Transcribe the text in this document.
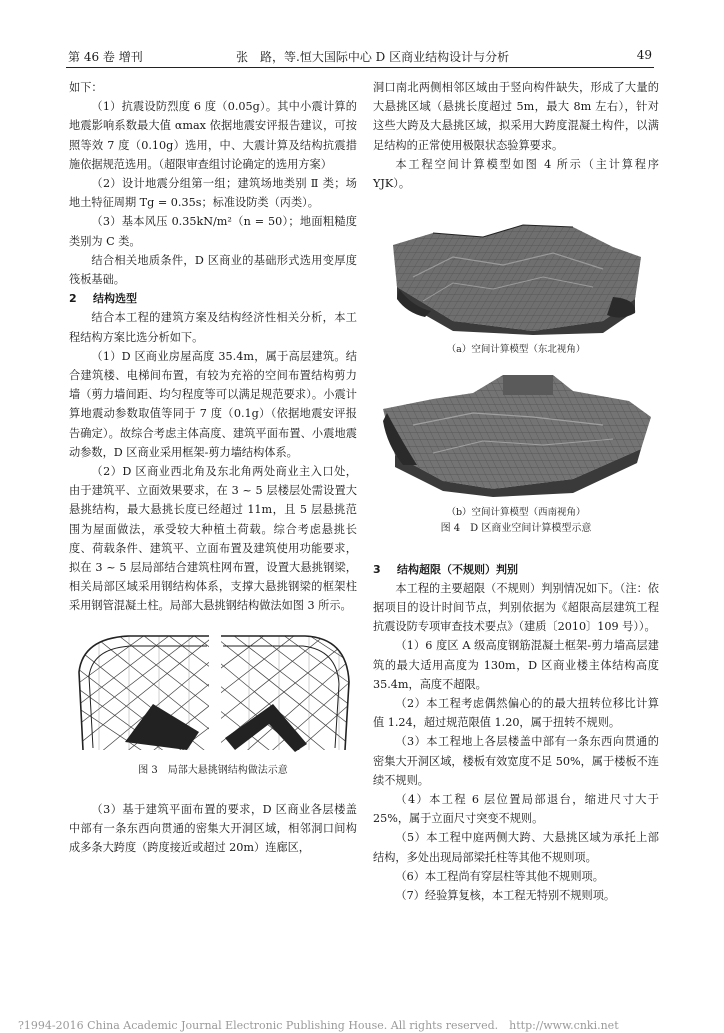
第 46 卷 增刊	张　路，等.恒大国际中心 D 区商业结构设计与分析	49

如下：

（1）抗震设防烈度 6 度（0.05g）。其中小震计算的地震影响系数最大值 αmax 依据地震安评报告建议，可按照等效 7 度（0.10g）选用，中、大震计算及结构抗震措施依据规范选用。（超限审查组讨论确定的选用方案）

（2）设计地震分组第一组；建筑场地类别 Ⅱ 类；场地土特征周期 Tg = 0.35s；标准设防类（丙类）。

（3）基本风压 0.35kN/m²（n = 50）；地面粗糙度类别为 C 类。

结合相关地质条件，D 区商业的基础形式选用变厚度筏板基础。

2 结构选型

结合本工程的建筑方案及结构经济性相关分析，本工程结构方案比选分析如下。

（1）D 区商业房屋高度 35.4m，属于高层建筑。结合建筑楼、电梯间布置，有较为充裕的空间布置结构剪力墙（剪力墙间距、均匀程度等可以满足规范要求）。小震计算地震动参数取值等同于 7 度（0.1g）（依据地震安评报告确定）。故综合考虑主体高度、建筑平面布置、小震地震动参数，D 区商业采用框架-剪力墙结构体系。

（2）D 区商业西北角及东北角两处商业主入口处，由于建筑平、立面效果要求，在 3 ~ 5 层楼层处需设置大悬挑结构，最大悬挑长度已经超过 11m，且 5 层悬挑范围为屋面做法，承受较大种植土荷载。综合考虑悬挑长度、荷载条件、建筑平、立面布置及建筑使用功能要求，拟在 3 ~ 5 层局部结合建筑柱网布置，设置大悬挑钢梁，相关局部区域采用钢结构体系，支撑大悬挑钢梁的框架柱采用钢管混凝土柱。局部大悬挑钢结构做法如图 3 所示。

图 3　局部大悬挑钢结构做法示意

（3）基于建筑平面布置的要求，D 区商业各层楼盖中部有一条东西向贯通的密集大开洞区域，相邻洞口间构成多条大跨度（跨度接近或超过 20m）连廊区，

洞口南北两侧相邻区域由于竖向构件缺失，形成了大量的大悬挑区域（悬挑长度超过 5m，最大 8m 左右），针对这些大跨及大悬挑区域，拟采用大跨度混凝土构件，以满足结构的正常使用极限状态验算要求。

本工程空间计算模型如图 4 所示（主计算程序 YJK）。

（a）空间计算模型（东北视角）

（b）空间计算模型（西南视角）

图 4　D 区商业空间计算模型示意

3 结构超限（不规则）判别

本工程的主要超限（不规则）判别情况如下。（注：依据项目的设计时间节点，判别依据为《超限高层建筑工程抗震设防专项审查技术要点》（建质〔2010〕109 号））。

（1）6 度区 A 级高度钢筋混凝土框架-剪力墙高层建筑的最大适用高度为 130m，D 区商业楼主体结构高度 35.4m，高度不超限。

（2）本工程考虑偶然偏心的的最大扭转位移比计算值 1.24，超过规范限值 1.20，属于扭转不规则。

（3）本工程地上各层楼盖中部有一条东西向贯通的密集大开洞区域，楼板有效宽度不足 50%，属于楼板不连续不规则。

（4）本工程 6 层位置局部退台，缩进尺寸大于 25%，属于立面尺寸突变不规则。

（5）本工程中庭两侧大跨、大悬挑区域为承托上部结构，多处出现局部梁托柱等其他不规则项。

（6）本工程尚有穿层柱等其他不规则项。

（7）经验算复核，本工程无特别不规则项。

?1994-2016 China Academic Journal Electronic Publishing House. All rights reserved.　http://www.cnki.net
